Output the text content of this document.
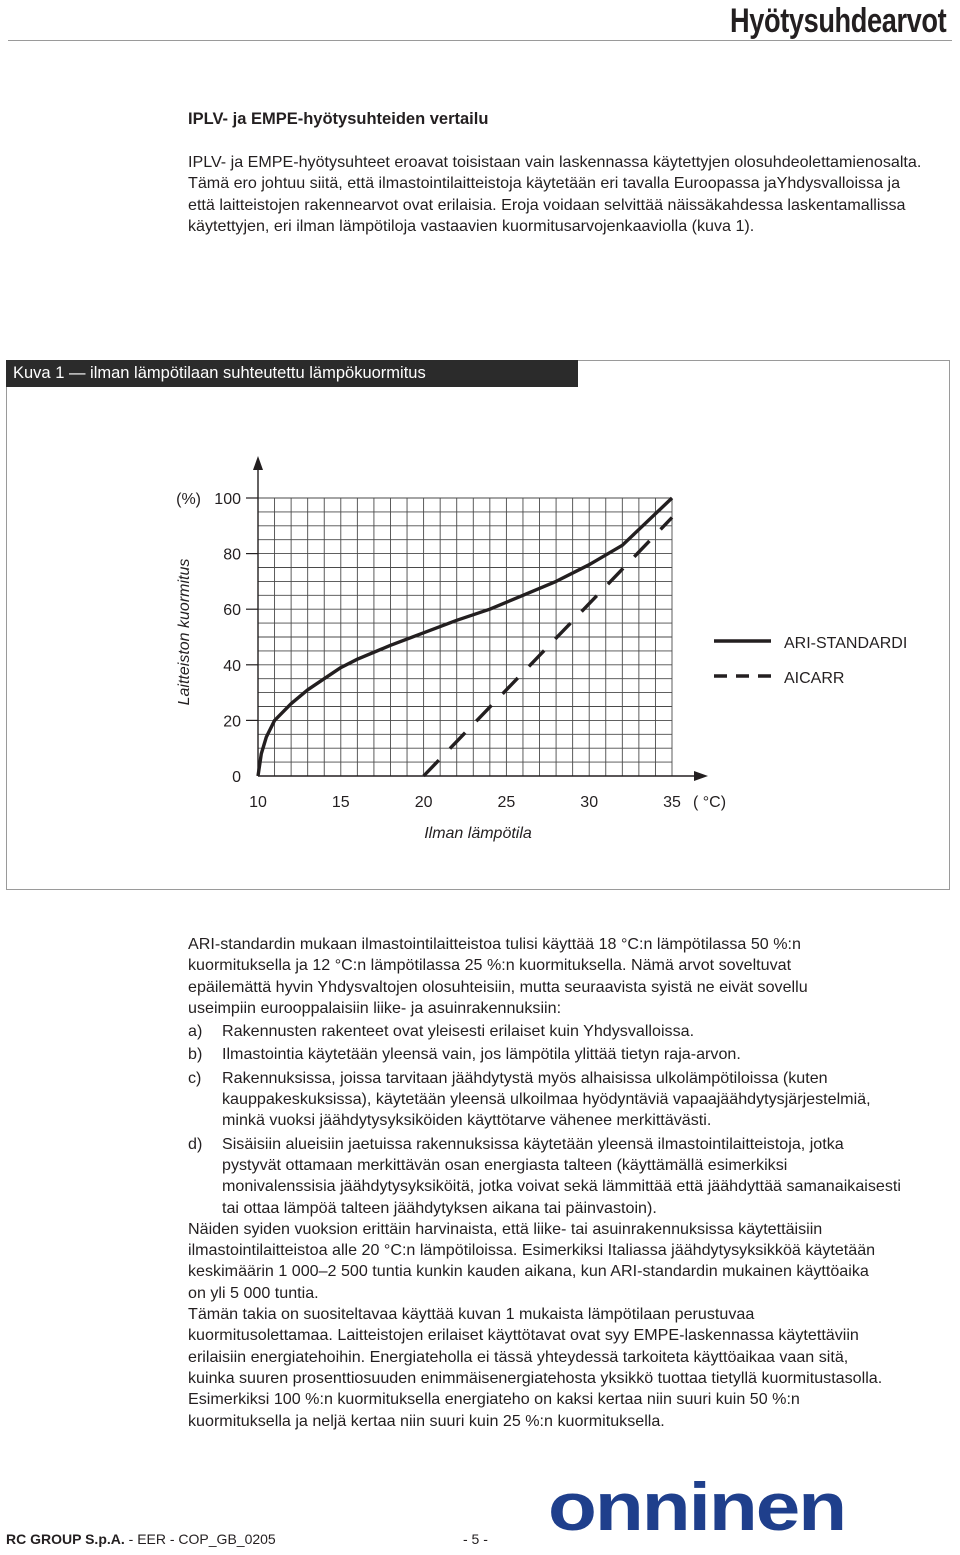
Hyötysuhdearvot
IPLV- ja EMPE-hyötysuhteiden vertailu
IPLV- ja EMPE-hyötysuhteet eroavat toisistaan vain laskennassa käytettyjen olosuhdeolettamienosalta. Tämä ero johtuu siitä, että ilmastointilaitteistoja käytetään eri tavalla Euroopassa jaYhdysvalloissa ja että laitteistojen rakennearvot ovat erilaisia. Eroja voidaan selvittää näissäkahdessa laskentamallissa käytettyjen, eri ilman lämpötiloja vastaavien kuormitusarvojenkaaviolla (kuva 1).
Kuva 1 — ilman lämpötilaan suhteutettu lämpökuormitus
0
20
40
60
80
100
10	15	20	25	30	35
(%)
( °C)
Ilman lämpötila
Laitteiston kuormitus	ARI-STANDARDI
AICARR
ARI-standardin mukaan ilmastointilaitteistoa tulisi käyttää 18 °C:n lämpötilassa 50 %:n
kuormituksella ja 12 °C:n lämpötilassa 25 %:n kuormituksella. Nämä arvot soveltuvat
epäilemättä hyvin Yhdysvaltojen olosuhteisiin, mutta seuraavista syistä ne eivät sovellu
useimpiin eurooppalaisiin liike- ja asuinrakennuksiin:
a) Rakennusten rakenteet ovat yleisesti erilaiset kuin Yhdysvalloissa.
b) Ilmastointia käytetään yleensä vain, jos lämpötila ylittää tietyn raja-arvon.
c) Rakennuksissa, joissa tarvitaan jäähdytystä myös alhaisissa ulkolämpötiloissa (kuten
kauppakeskuksissa), käytetään yleensä ulkoilmaa hyödyntäviä vapaajäähdytysjärjestelmiä,
minkä vuoksi jäähdytysyksiköiden käyttötarve vähenee merkittävästi.
d) Sisäisiin alueisiin jaetuissa rakennuksissa käytetään yleensä ilmastointilaitteistoja, jotka
pystyvät ottamaan merkittävän osan energiasta talteen (käyttämällä esimerkiksi
monivalenssisia jäähdytysyksiköitä, jotka voivat sekä lämmittää että jäähdyttää samanaikaisesti
tai ottaa lämpöä talteen jäähdytyksen aikana tai päinvastoin).
Näiden syiden vuoksion erittäin harvinaista, että liike- tai asuinrakennuksissa käytettäisiin
ilmastointilaitteistoa alle 20 °C:n lämpötiloissa. Esimerkiksi Italiassa jäähdytysyksikköä käytetään
keskimäärin 1 000–2 500 tuntia kunkin kauden aikana, kun ARI-standardin mukainen käyttöaika
on yli 5 000 tuntia.
Tämän takia on suositeltavaa käyttää kuvan 1 mukaista lämpötilaan perustuvaa
kuormitusolettamaa. Laitteistojen erilaiset käyttötavat ovat syy EMPE-laskennassa käytettäviin
erilaisiin energiatehoihin. Energiateholla ei tässä yhteydessä tarkoiteta käyttöaikaa vaan sitä,
kuinka suuren prosenttiosuuden enimmäisenergiatehosta yksikkö tuottaa tietyllä kuormitustasolla.
Esimerkiksi 100 %:n kuormituksella energiateho on kaksi kertaa niin suuri kuin 50 %:n
kuormituksella ja neljä kertaa niin suuri kuin 25 %:n kuormituksella.
RC GROUP S.p.A. - EER - COP_GB_0205	- 5 - onninen
